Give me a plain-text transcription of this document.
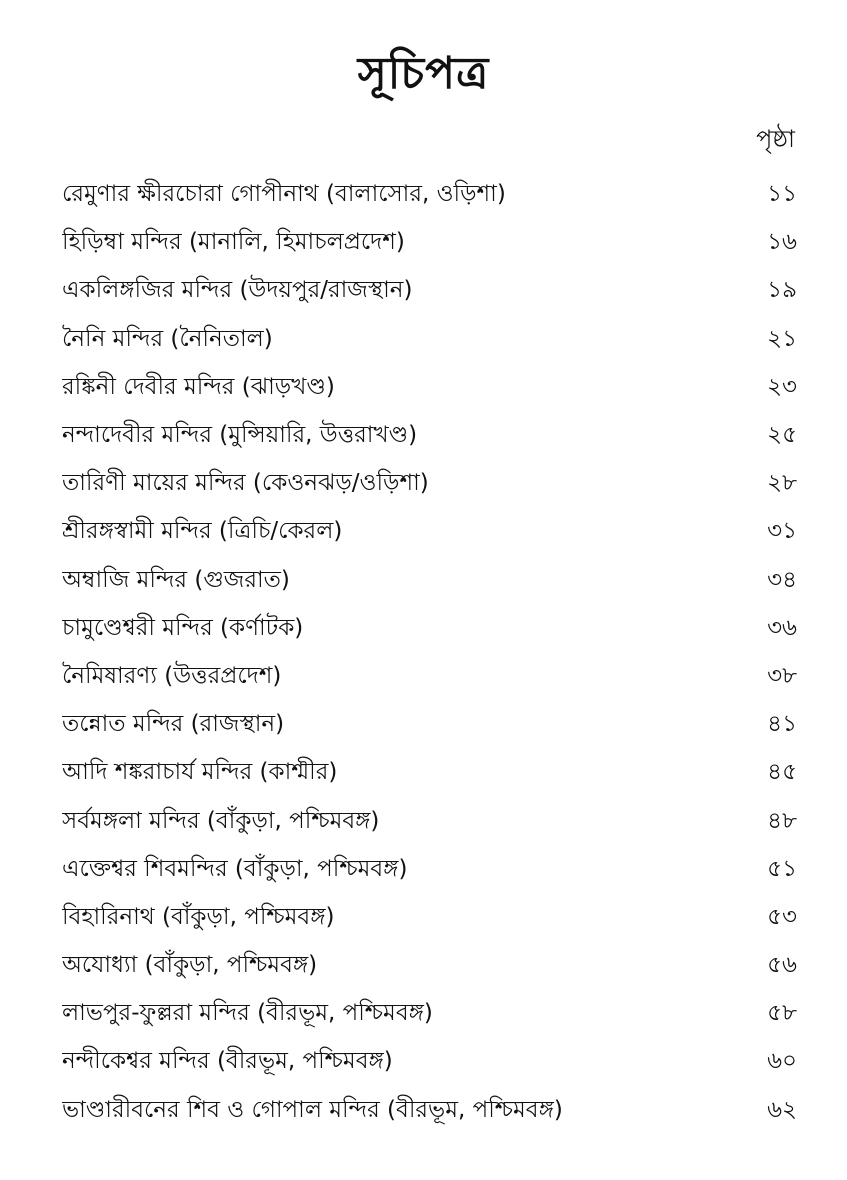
সূচিপত্র
পৃষ্ঠা
রেমুণার ক্ষীরচোরা গোপীনাথ (বালাসোর, ওড়িশা)	১১
হিড়িম্বা মন্দির (মানালি, হিমাচলপ্রদেশ)	১৬
একলিঙ্গজির মন্দির (উদয়পুর/রাজস্থান)	১৯
নৈনি মন্দির (নৈনিতাল)	২১
রঙ্কিনী দেবীর মন্দির (ঝাড়খণ্ড)	২৩
নন্দাদেবীর মন্দির (মুন্সিয়ারি, উত্তরাখণ্ড)	২৫
তারিণী মায়ের মন্দির (কেওনঝড়/ওড়িশা)	২৮
শ্রীরঙ্গস্বামী মন্দির (ত্রিচি/কেরল)	৩১
অম্বাজি মন্দির (গুজরাত)	৩৪
চামুণ্ডেশ্বরী মন্দির (কর্ণাটক)	৩৬
নৈমিষারণ্য (উত্তরপ্রদেশ)	৩৮
তন্নোত মন্দির (রাজস্থান)	৪১
আদি শঙ্করাচার্য মন্দির (কাশ্মীর)	৪৫
সর্বমঙ্গলা মন্দির (বাঁকুড়া, পশ্চিমবঙ্গ)	৪৮
এক্তেশ্বর শিবমন্দির (বাঁকুড়া, পশ্চিমবঙ্গ)	৫১
বিহারিনাথ (বাঁকুড়া, পশ্চিমবঙ্গ)	৫৩
অযোধ্যা (বাঁকুড়া, পশ্চিমবঙ্গ)	৫৬
লাভপুর-ফুল্লরা মন্দির (বীরভূম, পশ্চিমবঙ্গ)	৫৮
নন্দীকেশ্বর মন্দির (বীরভূম, পশ্চিমবঙ্গ)	৬০
ভাণ্ডারীবনের শিব ও গোপাল মন্দির (বীরভূম, পশ্চিমবঙ্গ)	৬২
